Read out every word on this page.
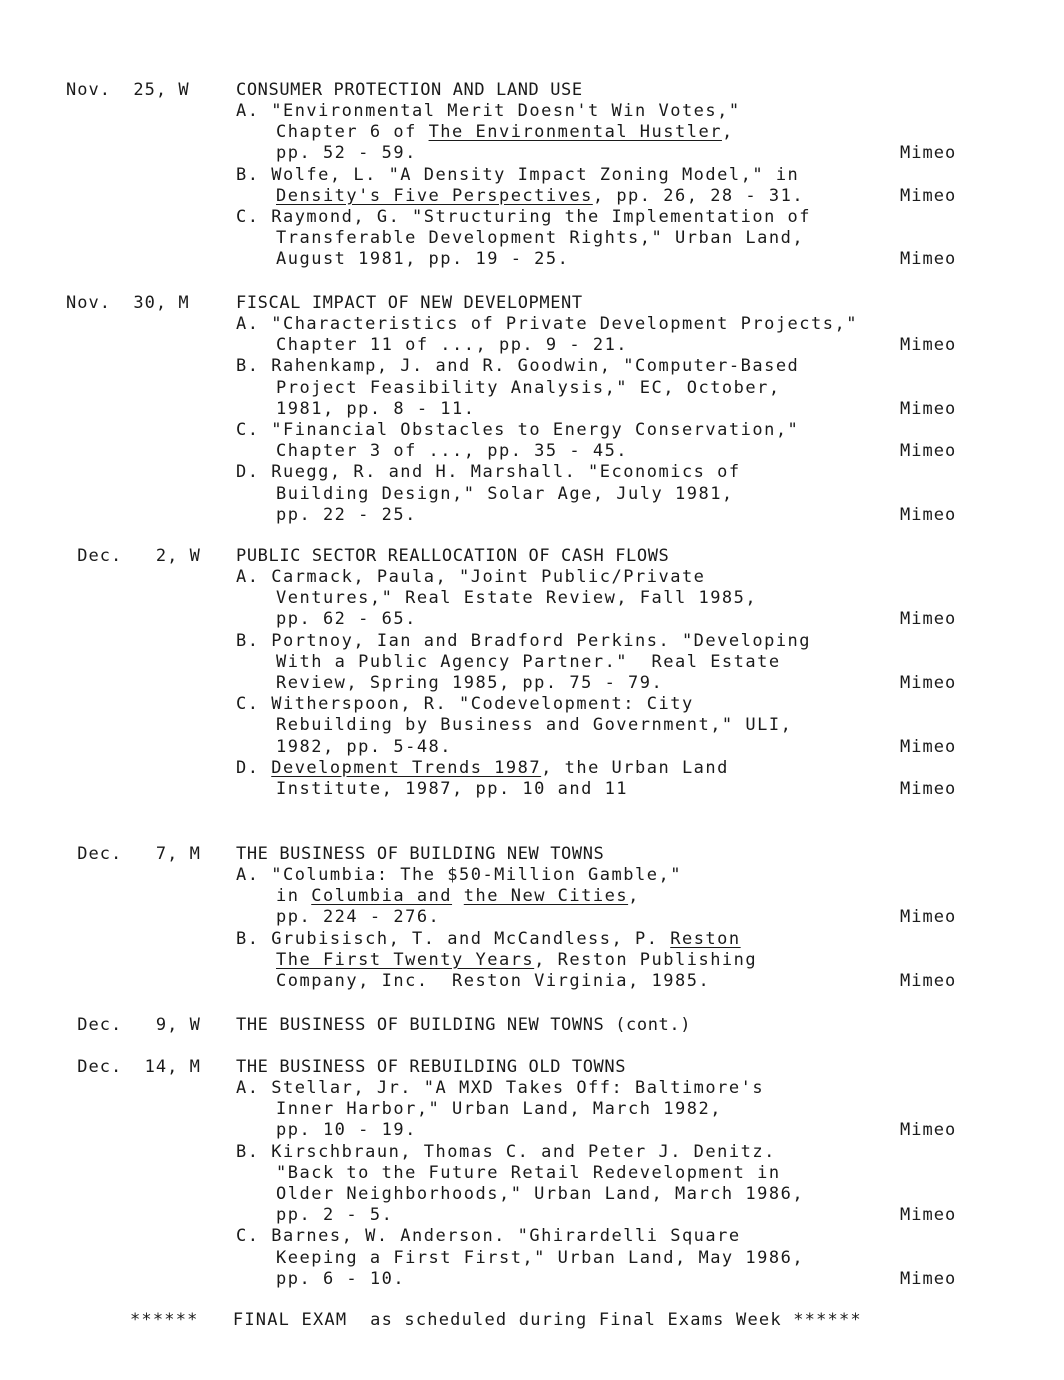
Nov.  25, W	CONSUMER PROTECTION AND LAND USE
A. "Environmental Merit Doesn't Win Votes,"
Chapter 6 of The Environmental Hustler,
pp. 52 - 59.	Mimeo
B. Wolfe, L. "A Density Impact Zoning Model," in
Density's Five Perspectives, pp. 26, 28 - 31.	Mimeo
C. Raymond, G. "Structuring the Implementation of
Transferable Development Rights," Urban Land,
August 1981, pp. 19 - 25.	Mimeo
Nov.  30, M	FISCAL IMPACT OF NEW DEVELOPMENT
A. "Characteristics of Private Development Projects,"
Chapter 11 of ..., pp. 9 - 21.	Mimeo
B. Rahenkamp, J. and R. Goodwin, "Computer-Based
Project Feasibility Analysis," EC, October,
1981, pp. 8 - 11.	Mimeo
C. "Financial Obstacles to Energy Conservation,"
Chapter 3 of ..., pp. 35 - 45.	Mimeo
D. Ruegg, R. and H. Marshall. "Economics of
Building Design," Solar Age, July 1981,
pp. 22 - 25.	Mimeo
Dec.   2, W	PUBLIC SECTOR REALLOCATION OF CASH FLOWS
A. Carmack, Paula, "Joint Public/Private
Ventures," Real Estate Review, Fall 1985,
pp. 62 - 65.	Mimeo
B. Portnoy, Ian and Bradford Perkins. "Developing
With a Public Agency Partner."  Real Estate
Review, Spring 1985, pp. 75 - 79.	Mimeo
C. Witherspoon, R. "Codevelopment: City
Rebuilding by Business and Government," ULI,
1982, pp. 5-48.	Mimeo
D. Development Trends 1987, the Urban Land
Institute, 1987, pp. 10 and 11	Mimeo
Dec.   7, M	THE BUSINESS OF BUILDING NEW TOWNS
A. "Columbia: The $50-Million Gamble,"
in Columbia and the New Cities,
pp. 224 - 276.	Mimeo
B. Grubisisch, T. and McCandless, P. Reston
The First Twenty Years, Reston Publishing
Company, Inc.  Reston Virginia, 1985.	Mimeo
Dec.   9, W	THE BUSINESS OF BUILDING NEW TOWNS (cont.)
Dec.  14, M	THE BUSINESS OF REBUILDING OLD TOWNS
A. Stellar, Jr. "A MXD Takes Off: Baltimore's
Inner Harbor," Urban Land, March 1982,
pp. 10 - 19.	Mimeo
B. Kirschbraun, Thomas C. and Peter J. Denitz.
"Back to the Future Retail Redevelopment in
Older Neighborhoods," Urban Land, March 1986,
pp. 2 - 5.	Mimeo
C. Barnes, W. Anderson. "Ghirardelli Square
Keeping a First First," Urban Land, May 1986,
pp. 6 - 10.	Mimeo
******   FINAL EXAM  as scheduled during Final Exams Week ******
